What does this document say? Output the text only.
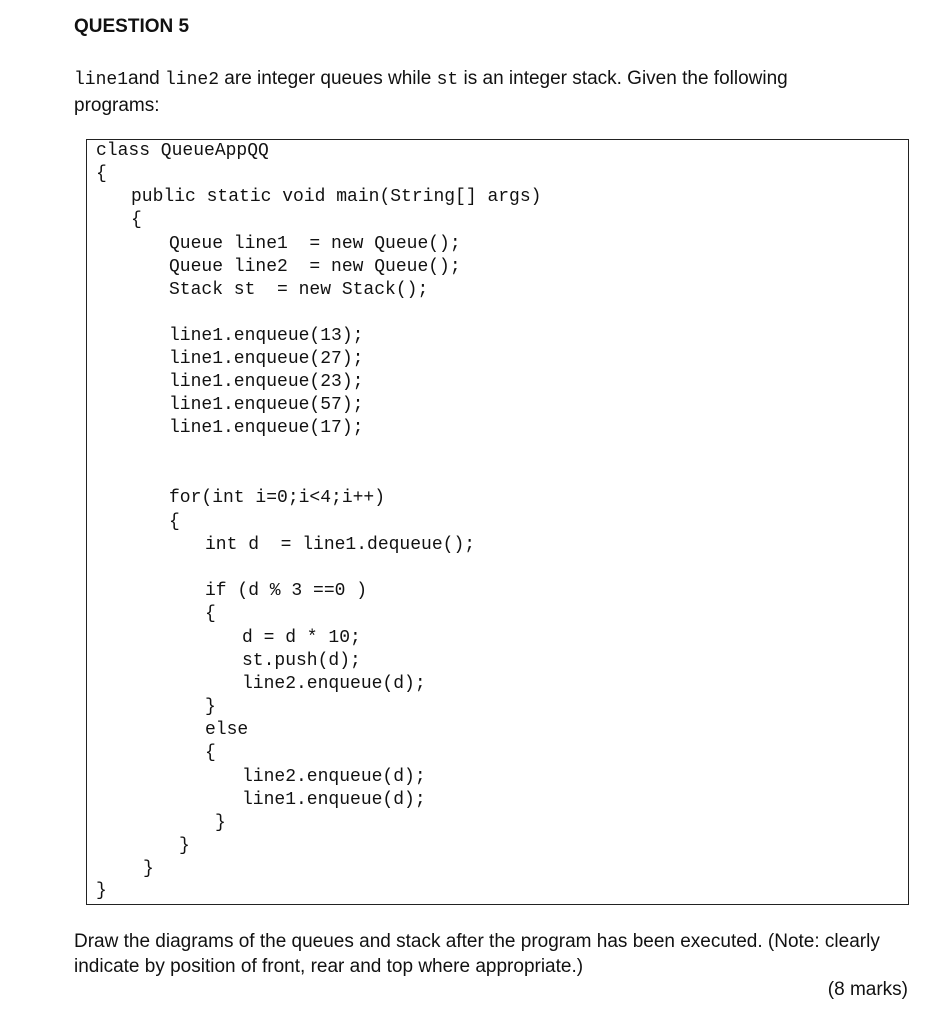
QUESTION 5
line1and line2 are integer queues while st is an integer stack. Given the following programs:
class QueueAppQQ
{
public static void main(String[] args)
{
Queue line1  = new Queue();
Queue line2  = new Queue();
Stack st  = new Stack();
line1.enqueue(13);
line1.enqueue(27);
line1.enqueue(23);
line1.enqueue(57);
line1.enqueue(17);
for(int i=0;i<4;i++)
{
int d  = line1.dequeue();
if (d % 3 ==0 )
{
d = d * 10;
st.push(d);
line2.enqueue(d);
}
else
{
line2.enqueue(d);
line1.enqueue(d);
}
}
}
}
Draw the diagrams of the queues and stack after the program has been executed. (Note: clearly indicate by position of front, rear and top where appropriate.)
(8 marks)
